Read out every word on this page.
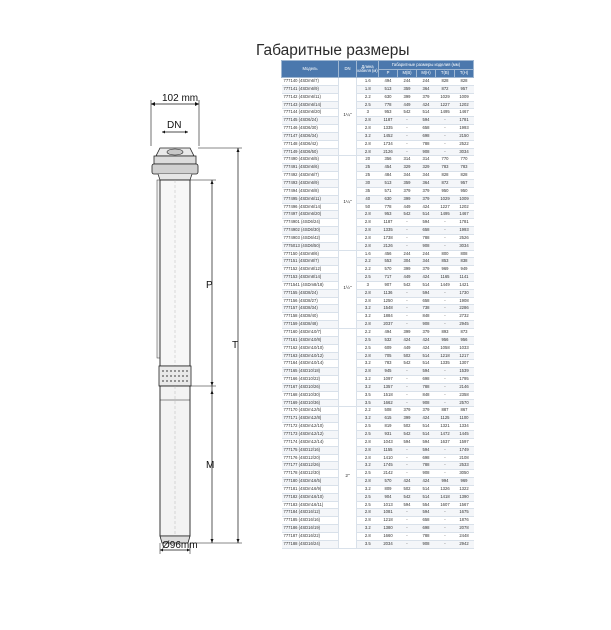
Габаритные размеры
102 mm
DN
P
T
M
Ø96mm
Модель	DN	Длина кабеля (м)	Габаритные размеры изделия (мм)				
			P	M(B)	M(H)	T(B)	T(H)
777140 (4SDm6/7)	1¼"	1.6	494	244	244	828	828
777141 (4SDm6/9)		1.8	513	359	364	872	957
777142 (4SDm6/11)		2.2	630	399	379	1029	1009
777143 (4SDm6/14)		2.5	778	449	424	1227	1202
777144 (4SDm6/20)		3	953	542	514	1495	1467
777145 (4SD6/24)		2.8	1187	-	594	-	1781
777146 (4SD6/30)		2.8	1335	-	658	-	1993
777147 (4SD6/34)		3.2	1452	-	698	-	2150
777148 (4SD6/42)		2.8	1734	-	788	-	2522
777149 (4SD6/50)		2.8	2126	-	908	-	3034
777490 (4SDm6/5)	1¼"	20	356	314	314	770	770
777491 (4SDm6/6)		25	454	329	329	783	783
777492 (4SDm6/7)		25	484	344	344	828	828
777493 (4SDm6/9)		30	513	359	364	872	957
777494 (4SDm6/8)		35	571	379	379	950	950
777495 (4SDm6/11)		40	630	399	379	1029	1009
777496 (4SDm6/14)		50	778	449	424	1227	1202
777497 (4SDm6/20)		2.8	953	542	514	1495	1467
7774901 (4SD6/24)		2.8	1187	-	594	-	1781
7774902 (4SD6/30)		2.8	1335	-	658	-	1993
7774903 (4SD6/42)		2.8	1738	-	788	-	2526
7775013 (4SD6/50)		2.8	2126	-	908	-	3034
777150 (4SDm8/6)	1½"	1.6	456	244	244	800	808
777151 (4SDm8/7)		2.2	553	304	344	853	838
777152 (4SDm8/12)		2.2	570	399	379	969	949
777153 (4SDm8/14)		2.5	717	449	424	1165	1141
7771541 (4SDm8/18)		3	907	542	514	1449	1421
777155 (4SD8/24)		2.8	1136	-	594	-	1730
777156 (4SD8/27)		2.8	1250	-	658	-	1908
777157 (4SD8/34)		3.2	1548	-	738	-	2286
777158 (4SD8/40)		3.2	1884	-	848	-	2732
777159 (4SD8/48)		2.8	2037	-	908	-	2945
777160 (4SDm10/7)		2.2	494	399	379	893	873
777161 (4SDm10/8)		2.5	532	424	424	956	956
777162 (4SDm10/10)		2.5	609	449	424	1058	1033
777163 (4SDm10/12)		2.8	705	502	514	1218	1217
777164 (4SDm10/14)		3.2	783	542	514	1335	1307
777165 (4SD10/18)		2.8	945	-	594	-	1539
777166 (4SD10/22)		3.2	1097	-	698	-	1795
777167 (4SD10/26)		3.2	1357	-	788	-	2146
777168 (4SD10/30)		3.5	1518	-	848	-	2358
777169 (4SD10/36)		3.5	1662	-	908	-	2570
777170 (4SDm12/5)	2"	2.2	508	379	379	887	867
777171 (4SDm12/8)		3.2	615	399	424	1125	1100
777172 (4SDm12/10)		2.5	819	502	514	1321	1334
777173 (4SDm12/12)		2.5	931	542	514	1472	1445
777174 (4SDm12/14)		2.8	1043	594	594	1637	1597
777175 (4SD12/16)		2.8	1155	-	594	-	1749
777176 (4SD12/20)		2.8	1410	-	698	-	2108
777177 (4SD12/26)		3.2	1745	-	788	-	2533
777178 (4SD12/30)		2.5	2142	-	908	-	3050
777180 (4SDm16/5)		2.8	570	424	424	994	969
777181 (4SDm16/9)		3.2	809	502	514	1326	1322
777182 (4SDm16/10)		2.5	904	542	514	1418	1390
777183 (4SDm16/11)		2.5	1013	594	554	1607	1567
777184 (4SD16/12)		2.8	1081	-	594	-	1675
777185 (4SD16/16)		2.8	1218	-	658	-	1876
777186 (4SD16/19)		3.2	1380	-	698	-	2078
777187 (4SD16/22)		2.8	1660	-	788	-	2448
777188 (4SD16/24)		3.5	2034	-	908	-	2942
